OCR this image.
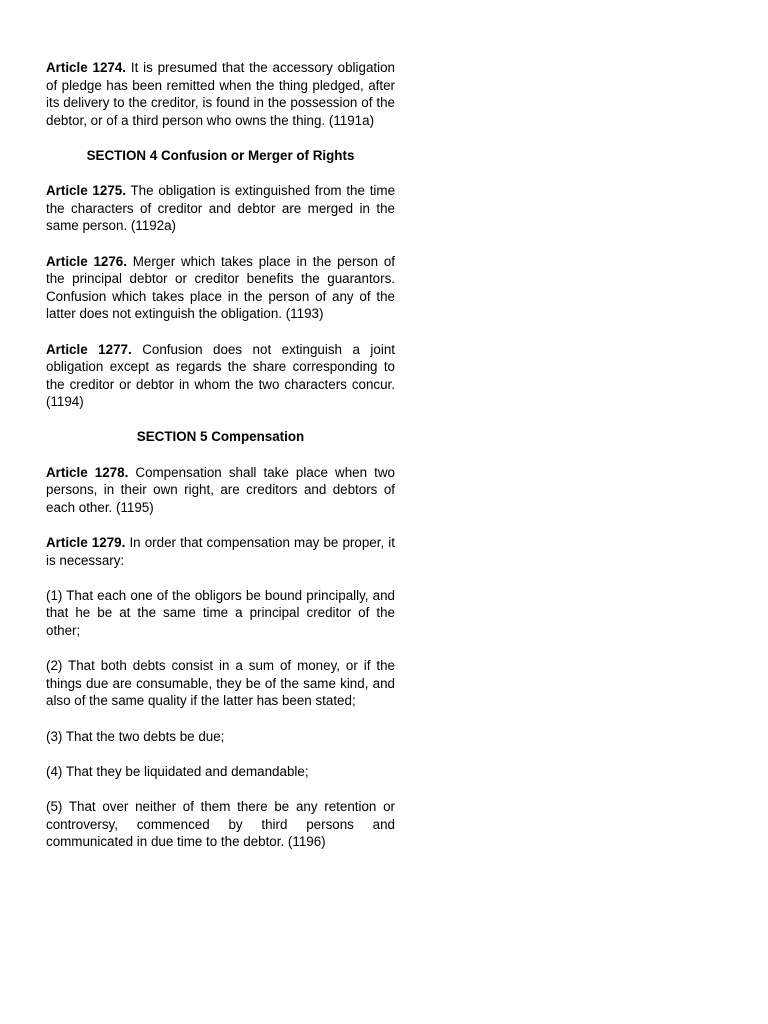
Article 1274. It is presumed that the accessory obligation of pledge has been remitted when the thing pledged, after its delivery to the creditor, is found in the possession of the debtor, or of a third person who owns the thing. (1191a)

SECTION 4 Confusion or Merger of Rights

Article 1275. The obligation is extinguished from the time the characters of creditor and debtor are merged in the same person. (1192a)

Article 1276. Merger which takes place in the person of the principal debtor or creditor benefits the guarantors. Confusion which takes place in the person of any of the latter does not extinguish the obligation. (1193)

Article 1277. Confusion does not extinguish a joint obligation except as regards the share corresponding to the creditor or debtor in whom the two characters concur. (1194)

SECTION 5 Compensation

Article 1278. Compensation shall take place when two persons, in their own right, are creditors and debtors of each other. (1195)

Article 1279. In order that compensation may be proper, it is necessary:

(1) That each one of the obligors be bound principally, and that he be at the same time a principal creditor of the other;

(2) That both debts consist in a sum of money, or if the things due are consumable, they be of the same kind, and also of the same quality if the latter has been stated;

(3) That the two debts be due;

(4) That they be liquidated and demandable;

(5) That over neither of them there be any retention or controversy, commenced by third persons and communicated in due time to the debtor. (1196)
